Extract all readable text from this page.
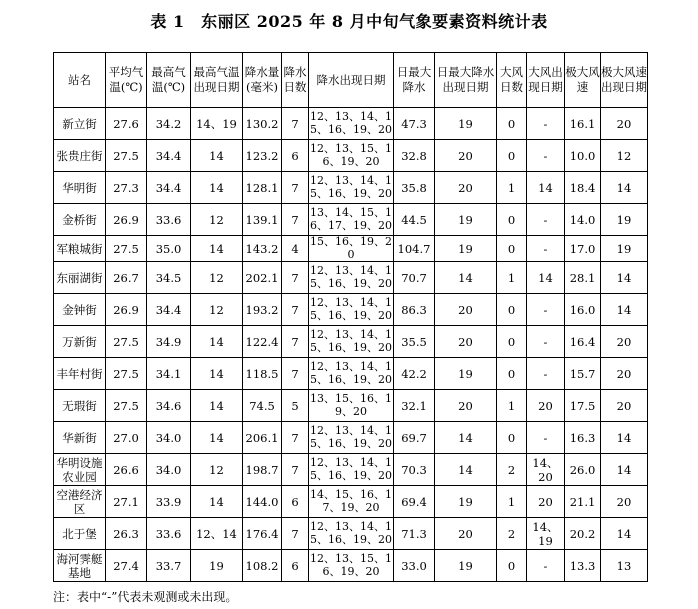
表 1　东丽区 2025 年 8 月中旬气象要素资料统计表
站名	平均气温(℃)	最高气温(℃)	最高气温出现日期	降水量(毫米)	降水日数	降水出现日期	日最大降水	日最大降水出现日期	大风日数	大风出现日期	极大风速	极大风速出现日期
新立街	27.6	34.2	14、19	130.2	7	12、13、14、15、16、19、20	47.3	19	0	-	16.1	20
张贵庄街	27.5	34.4	14	123.2	6	12、13、15、16、19、20	32.8	20	0	-	10.0	12
华明街	27.3	34.4	14	128.1	7	12、13、14、15、16、19、20	35.8	20	1	14	18.4	14
金桥街	26.9	33.6	12	139.1	7	13、14、15、16、17、19、20	44.5	19	0	-	14.0	19
军粮城街	27.5	35.0	14	143.2	4	15、16、19、20	104.7	19	0	-	17.0	19
东丽湖街	26.7	34.5	12	202.1	7	12、13、14、15、16、19、20	70.7	14	1	14	28.1	14
金钟街	26.9	34.4	12	193.2	7	12、13、14、15、16、19、20	86.3	20	0	-	16.0	14
万新街	27.5	34.9	14	122.4	7	12、13、14、15、16、19、20	35.5	20	0	-	16.4	20
丰年村街	27.5	34.1	14	118.5	7	12、13、14、15、16、19、20	42.2	19	0	-	15.7	20
无瑕街	27.5	34.6	14	74.5	5	13、15、16、19、20	32.1	20	1	20	17.5	20
华新街	27.0	34.0	14	206.1	7	12、13、14、15、16、19、20	69.7	14	0	-	16.3	14
华明设施农业园	26.6	34.0	12	198.7	7	12、13、14、15、16、19、20	70.3	14	2	14、20	26.0	14
空港经济区	27.1	33.9	14	144.0	6	14、15、16、17、19、20	69.4	19	1	20	21.1	20
北于堡	26.3	33.6	12、14	176.4	7	12、13、14、15、16、19、20	71.3	20	2	14、19	20.2	14
海河霁艇基地	27.4	33.7	19	108.2	6	12、13、15、16、19、20	33.0	19	0	-	13.3	13
注：表中“-”代表未观测或未出现。
